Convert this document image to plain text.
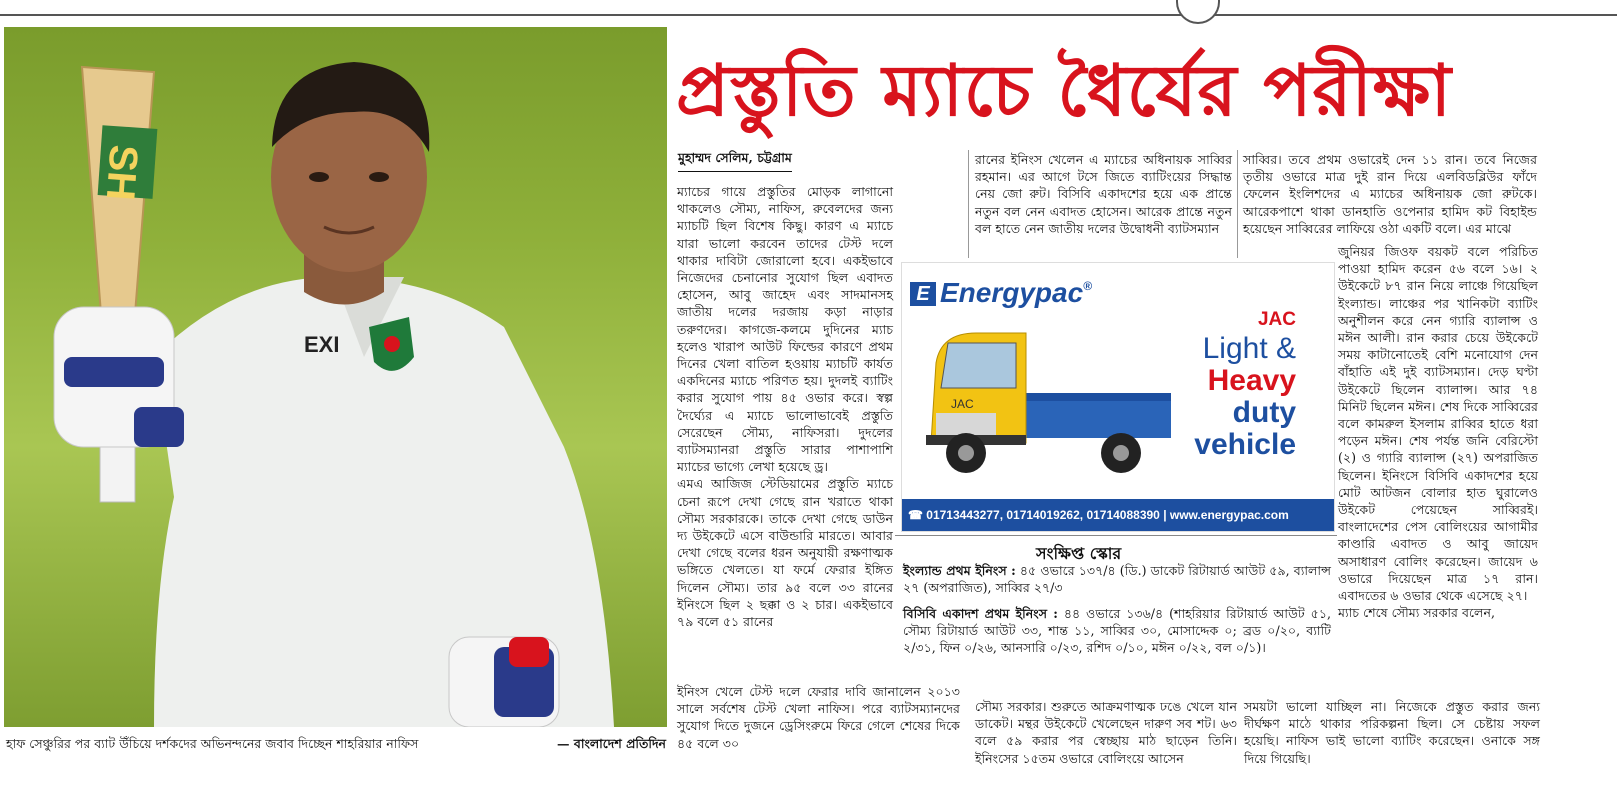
EXI
SH
হাফ সেঞ্চুরির পর ব্যাট উঁচিয়ে দর্শকদের অভিনন্দনের জবাব দিচ্ছেন শাহরিয়ার নাফিস	— বাংলাদেশ প্রতিদিন
প্রস্তুতি ম্যাচে ধৈর্যের পরীক্ষা
মুহাম্মদ সেলিম, চট্টগ্রাম

ম্যাচের গায়ে প্রস্তুতির মোড়ক লাগানো থাকলেও সৌম্য, নাফিস, রুবেলদের জন্য ম্যাচটি ছিল বিশেষ কিছু। কারণ এ ম্যাচে যারা ভালো করবেন তাদের টেস্ট দলে থাকার দাবিটা জোরালো হবে। একইভাবে নিজেদের চেনানোর সুযোগ ছিল এবাদত হোসেন, আবু জাহেদ এবং সাদমানসহ জাতীয় দলের দরজায় কড়া নাড়ার তরুণদের। কাগজে-কলমে দুদিনের ম্যাচ হলেও খারাপ আউট ফিল্ডের কারণে প্রথম দিনের খেলা বাতিল হওয়ায় ম্যাচটি কার্যত একদিনের ম্যাচে পরিণত হয়। দুদলই ব্যাটিং করার সুযোগ পায় ৪৫ ওভার করে। স্বল্প দৈর্ঘ্যের এ ম্যাচে ভালোভাবেই প্রস্তুতি সেরেছেন সৌম্য, নাফিসরা। দুদলের ব্যাটসম্যানরা প্রস্তুতি সারার পাশাপাশি ম্যাচের ভাগ্যে লেখা হয়েছে ড্র।

এমএ আজিজ স্টেডিয়ামের প্রস্তুতি ম্যাচে চেনা রূপে দেখা গেছে রান খরাতে থাকা সৌম্য সরকারকে। তাকে দেখা গেছে ডাউন দ্য উইকেটে এসে বাউন্ডারি মারতে। আবার দেখা গেছে বলের ধরন অনুযায়ী রক্ষণাত্মক ভঙ্গিতে খেলতে। যা ফর্মে ফেরার ইঙ্গিত দিলেন সৌম্য। তার ৯৫ বলে ৩৩ রানের ইনিংসে ছিল ২ ছক্কা ও ২ চার। একইভাবে ৭৯ বলে ৫১ রানের

ইনিংস খেলে টেস্ট দলে ফেরার দাবি জানালেন ২০১৩ সালে সর্বশেষ টেস্ট খেলা নাফিস। পরে ব্যাটসম্যানদের সুযোগ দিতে দুজনে ড্রেসিংরুমে ফিরে গেলে শেষের দিকে ৪৫ বলে ৩০

রানের ইনিংস খেলেন এ ম্যাচের অধিনায়ক সাব্বির রহমান। এর আগে টসে জিতে ব্যাটিংয়ের সিদ্ধান্ত নেয় জো রুট। বিসিবি একাদশের হয়ে এক প্রান্তে নতুন বল নেন এবাদত হোসেন। আরেক প্রান্তে নতুন বল হাতে নেন জাতীয় দলের উদ্বোধনী ব্যাটসম্যান

সৌম্য সরকার। শুরুতে আক্রমণাত্মক ঢঙে খেলে যান ডাকেট। মন্থর উইকেটে খেলেছেন দারুণ সব শট। ৬৩ বলে ৫৯ করার পর স্বেচ্ছায় মাঠ ছাড়েন তিনি। ইনিংসের ১৫তম ওভারে বোলিংয়ে আসেন

সাব্বির। তবে প্রথম ওভারেই দেন ১১ রান। তবে নিজের তৃতীয় ওভারে মাত্র দুই রান দিয়ে এলবিডব্লিউর ফাঁদে ফেলেন ইংলিশদের এ ম্যাচের অধিনায়ক জো রুটকে। আরেকপাশে থাকা ডানহাতি ওপেনার হামিদ কট বিহাইন্ড হয়েছেন সাব্বিরের লাফিয়ে ওঠা একটি বলে। এর মাঝে

জুনিয়র জিওফ বয়কট বলে পরিচিত পাওয়া হামিদ করেন ৫৬ বলে ১৬। ২ উইকেটে ৮৭ রান নিয়ে লাঞ্চে গিয়েছিল ইংল্যান্ড। লাঞ্চের পর খানিকটা ব্যাটিং অনুশীলন করে নেন গ্যারি ব্যালান্স ও মঈন আলী। রান করার চেয়ে উইকেটে সময় কাটানোতেই বেশি মনোযোগ দেন বাঁহাতি এই দুই ব্যাটসম্যান। দেড় ঘণ্টা উইকেটে ছিলেন ব্যালান্স। আর ৭৪ মিনিট ছিলেন মঈন। শেষ দিকে সাব্বিরের বলে কামরুল ইসলাম রাব্বির হাতে ধরা পড়েন মঈন। শেষ পর্যন্ত জনি বেরিস্টো (২) ও গ্যারি ব্যালান্স (২৭) অপরাজিত ছিলেন। ইনিংসে বিসিবি একাদশের হয়ে মোট আটজন বোলার হাত ঘুরালেও উইকেট পেয়েছেন সাব্বিরই। বাংলাদেশের পেস বোলিংয়ের আগামীর কাণ্ডারি এবাদত ও আবু জায়েদ অসাধারণ বোলিং করেছেন। জায়েদ ৬ ওভারে দিয়েছেন মাত্র ১৭ রান। এবাদতের ৬ ওভার থেকে এসেছে ২৭।

ম্যাচ শেষে সৌম্য সরকার বলেন,

সময়টা ভালো যাচ্ছিল না। নিজেকে প্রস্তুত করার জন্য দীর্ঘক্ষণ মাঠে থাকার পরিকল্পনা ছিল। সে চেষ্টায় সফল হয়েছি। নাফিস ভাই ভালো ব্যাটিং করেছেন। ওনাকে সঙ্গ দিয়ে গিয়েছি।

E Energypac®
JAC
JAC
Light &
Heavy
duty
vehicle
☎ 01713443277, 01714019262, 01714088390 | www.energypac.com
সংক্ষিপ্ত স্কোর
ইংল্যান্ড প্রথম ইনিংস : ৪৫ ওভারে ১৩৭/৪ (ডি.) ডাকেট রিটায়ার্ড আউট ৫৯, ব্যালান্স ২৭ (অপরাজিত), সাব্বির ২৭/৩
বিসিবি একাদশ প্রথম ইনিংস : ৪৪ ওভারে ১৩৬/৪ (শাহরিয়ার রিটায়ার্ড আউট ৫১, সৌম্য রিটায়ার্ড আউট ৩৩, শান্ত ১১, সাব্বির ৩০, মোসাদ্দেক ০; ব্রড ০/২০, ব্যাটি ২/৩১, ফিন ০/২৬, আনসারি ০/২৩, রশিদ ০/১০, মঈন ০/২২, বল ০/১)।
